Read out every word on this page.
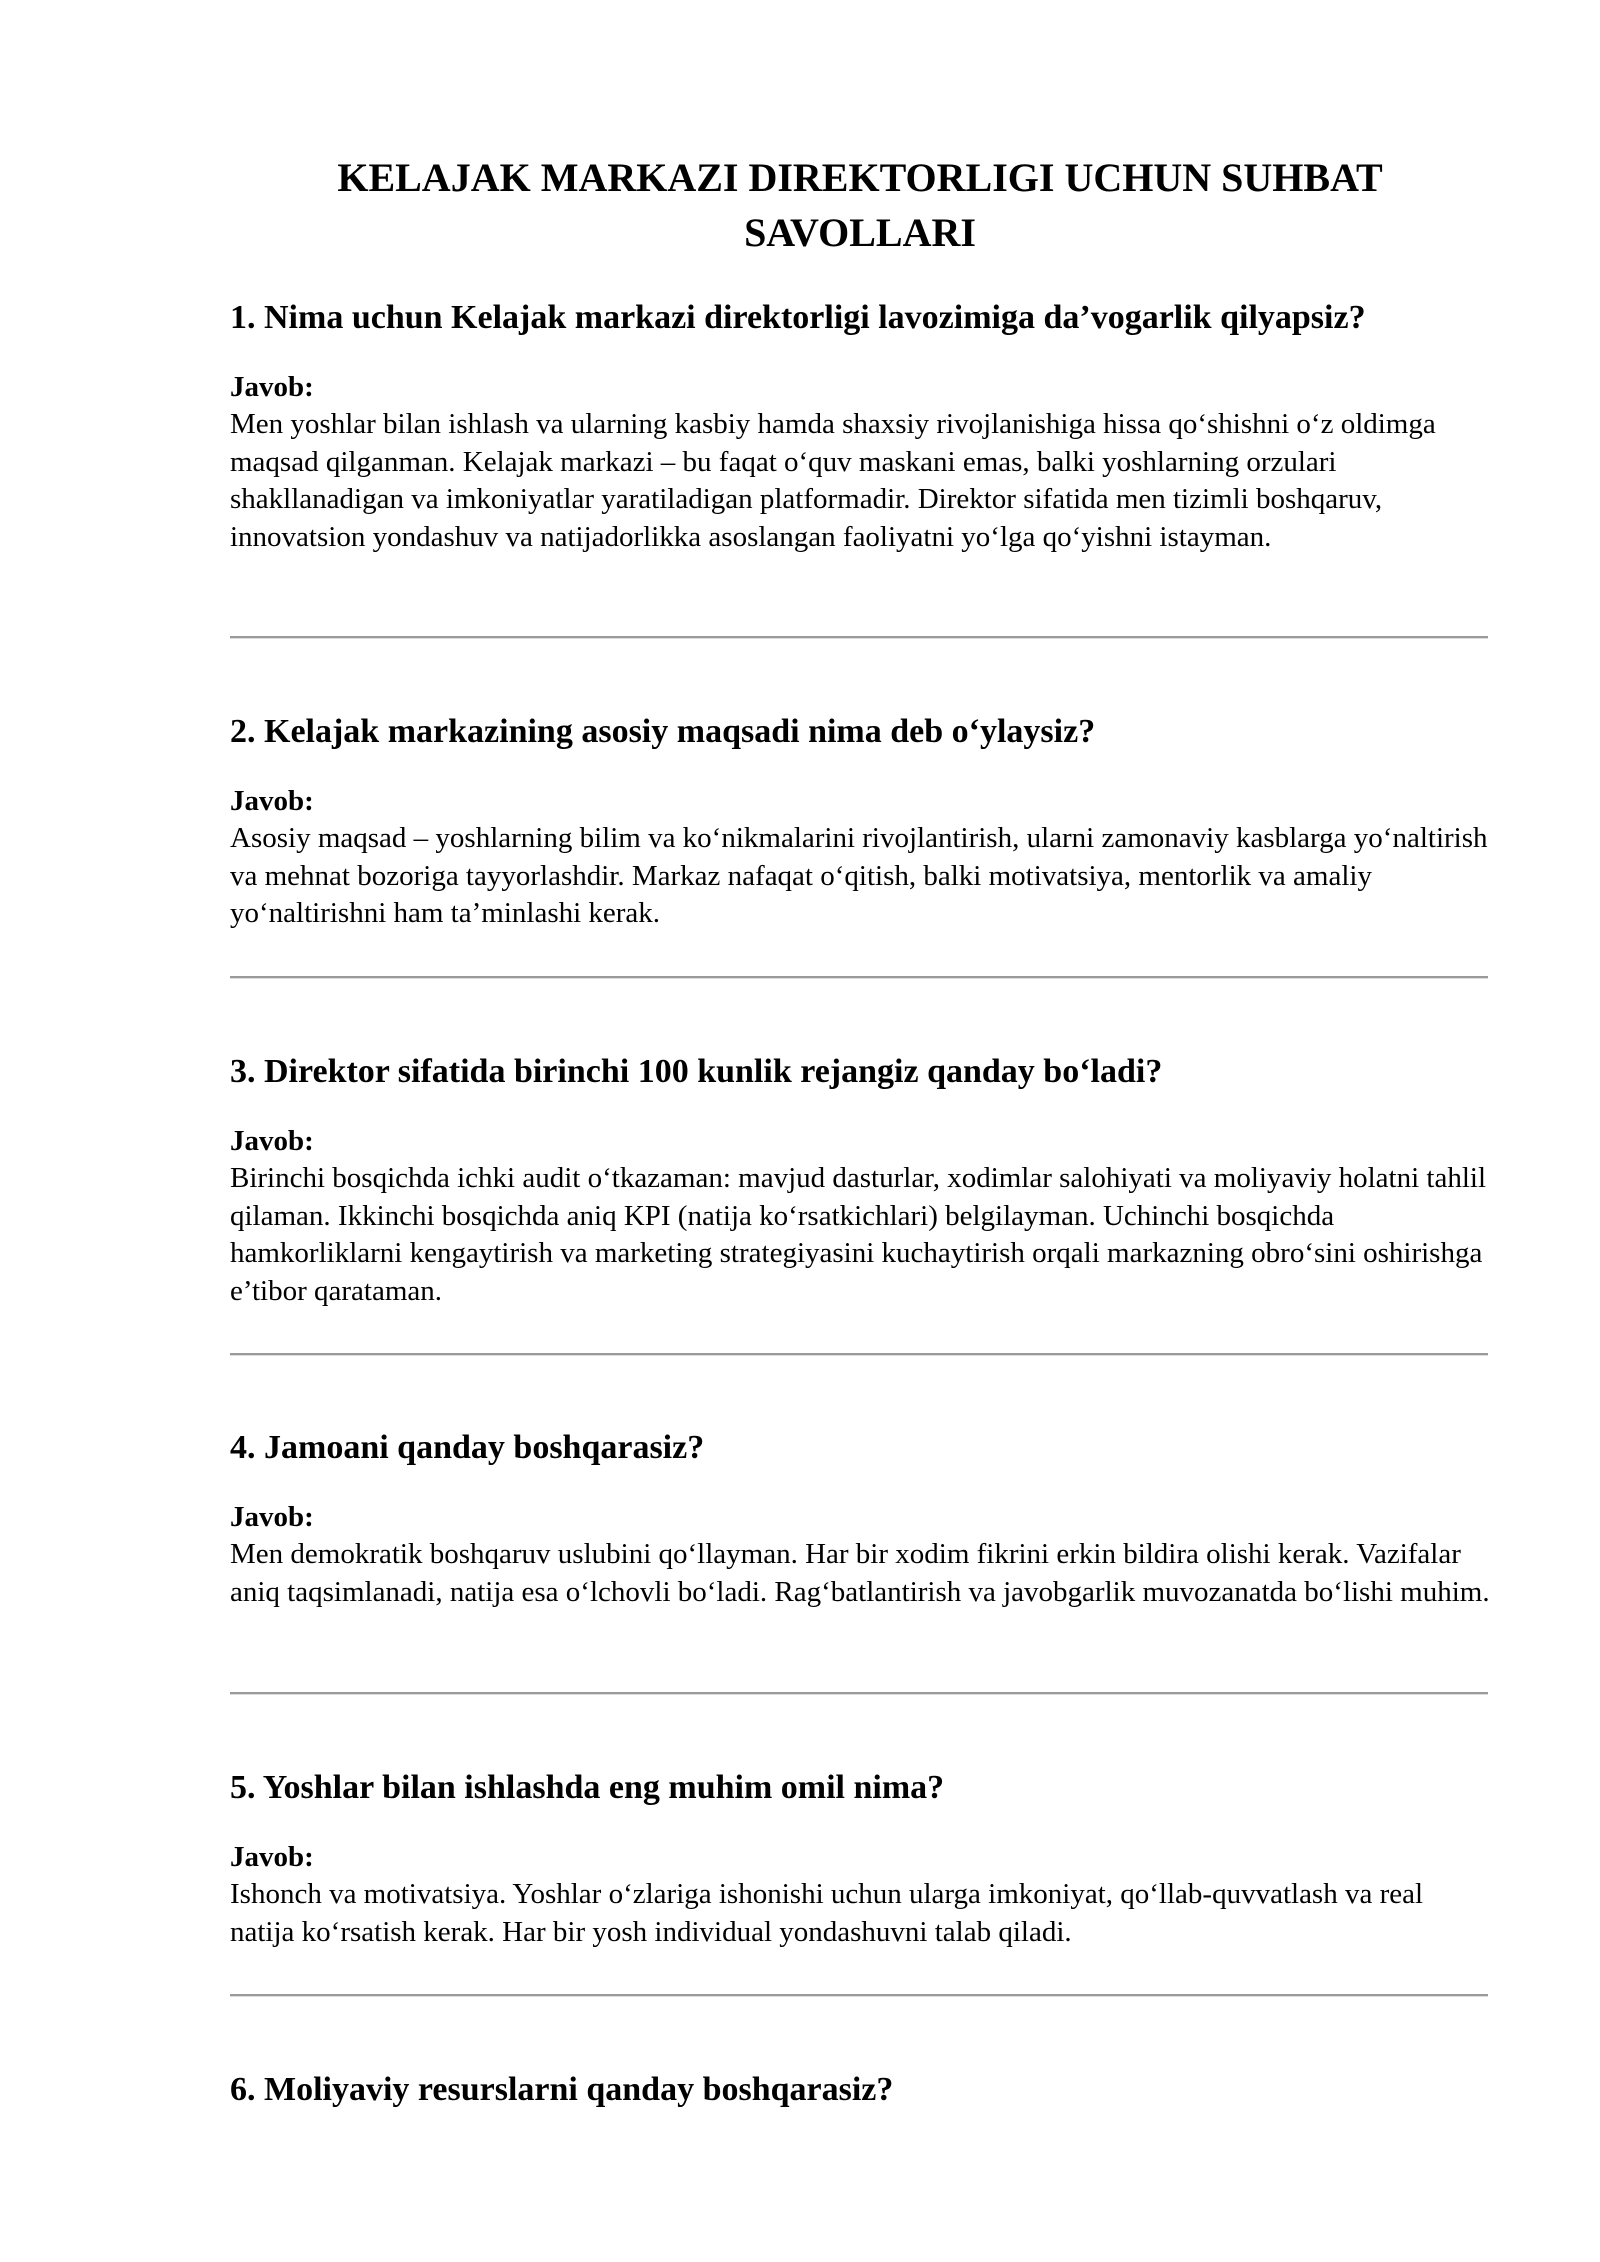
KELAJAK MARKAZI DIREKTORLIGI UCHUN SUHBAT SAVOLLARI

1. Nima uchun Kelajak markazi direktorligi lavozimiga da’vogarlik qilyapsiz?

Javob:

Men yoshlar bilan ishlash va ularning kasbiy hamda shaxsiy rivojlanishiga hissa qo‘shishni o‘z oldimga maqsad qilganman. Kelajak markazi – bu faqat o‘quv maskani emas, balki yoshlarning orzulari shakllanadigan va imkoniyatlar yaratiladigan platformadir. Direktor sifatida men tizimli boshqaruv, innovatsion yondashuv va natijadorlikka asoslangan faoliyatni yo‘lga qo‘yishni istayman.

2. Kelajak markazining asosiy maqsadi nima deb o‘ylaysiz?

Javob:

Asosiy maqsad – yoshlarning bilim va ko‘nikmalarini rivojlantirish, ularni zamonaviy kasblarga yo‘naltirish va mehnat bozoriga tayyorlashdir. Markaz nafaqat o‘qitish, balki motivatsiya, mentorlik va amaliy yo‘naltirishni ham ta’minlashi kerak.

3. Direktor sifatida birinchi 100 kunlik rejangiz qanday bo‘ladi?

Javob:

Birinchi bosqichda ichki audit o‘tkazaman: mavjud dasturlar, xodimlar salohiyati va moliyaviy holatni tahlil qilaman. Ikkinchi bosqichda aniq KPI (natija ko‘rsatkichlari) belgilayman. Uchinchi bosqichda hamkorliklarni kengaytirish va marketing strategiyasini kuchaytirish orqali markazning obro‘sini oshirishga e’tibor qarataman.

4. Jamoani qanday boshqarasiz?

Javob:

Men demokratik boshqaruv uslubini qo‘llayman. Har bir xodim fikrini erkin bildira olishi kerak. Vazifalar aniq taqsimlanadi, natija esa o‘lchovli bo‘ladi. Rag‘batlantirish va javobgarlik muvozanatda bo‘lishi muhim.

5. Yoshlar bilan ishlashda eng muhim omil nima?

Javob:

Ishonch va motivatsiya. Yoshlar o‘zlariga ishonishi uchun ularga imkoniyat, qo‘llab-quvvatlash va real natija ko‘rsatish kerak. Har bir yosh individual yondashuvni talab qiladi.

6. Moliyaviy resurslarni qanday boshqarasiz?
